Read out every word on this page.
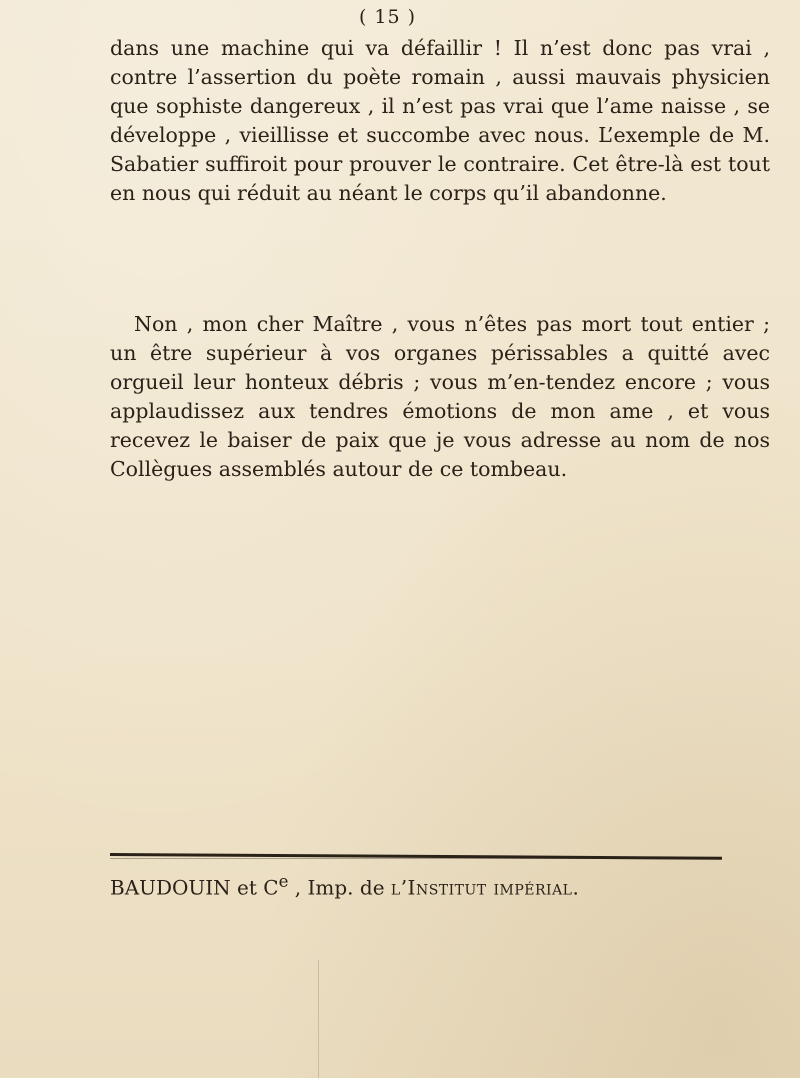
( 15 )

dans une machine qui va défaillir ! Il n’est donc pas vrai , contre l’assertion du poète romain , aussi mauvais physicien que sophiste dangereux , il n’est pas vrai que l’ame naisse , se développe , vieillisse et succombe avec nous. L’exemple de M. Sabatier suffiroit pour prouver le contraire. Cet être-là est tout en nous qui réduit au néant le corps qu’il abandonne.

Non , mon cher Maître , vous n’êtes pas mort tout entier ; un être supérieur à vos organes périssables a quitté avec orgueil leur honteux débris ; vous m’en-tendez encore ; vous applaudissez aux tendres émotions de mon ame , et vous recevez le baiser de paix que je vous adresse au nom de nos Collègues assemblés autour de ce tombeau.

BAUDOUIN et Ce , Imp. de l’Institut impérial.
